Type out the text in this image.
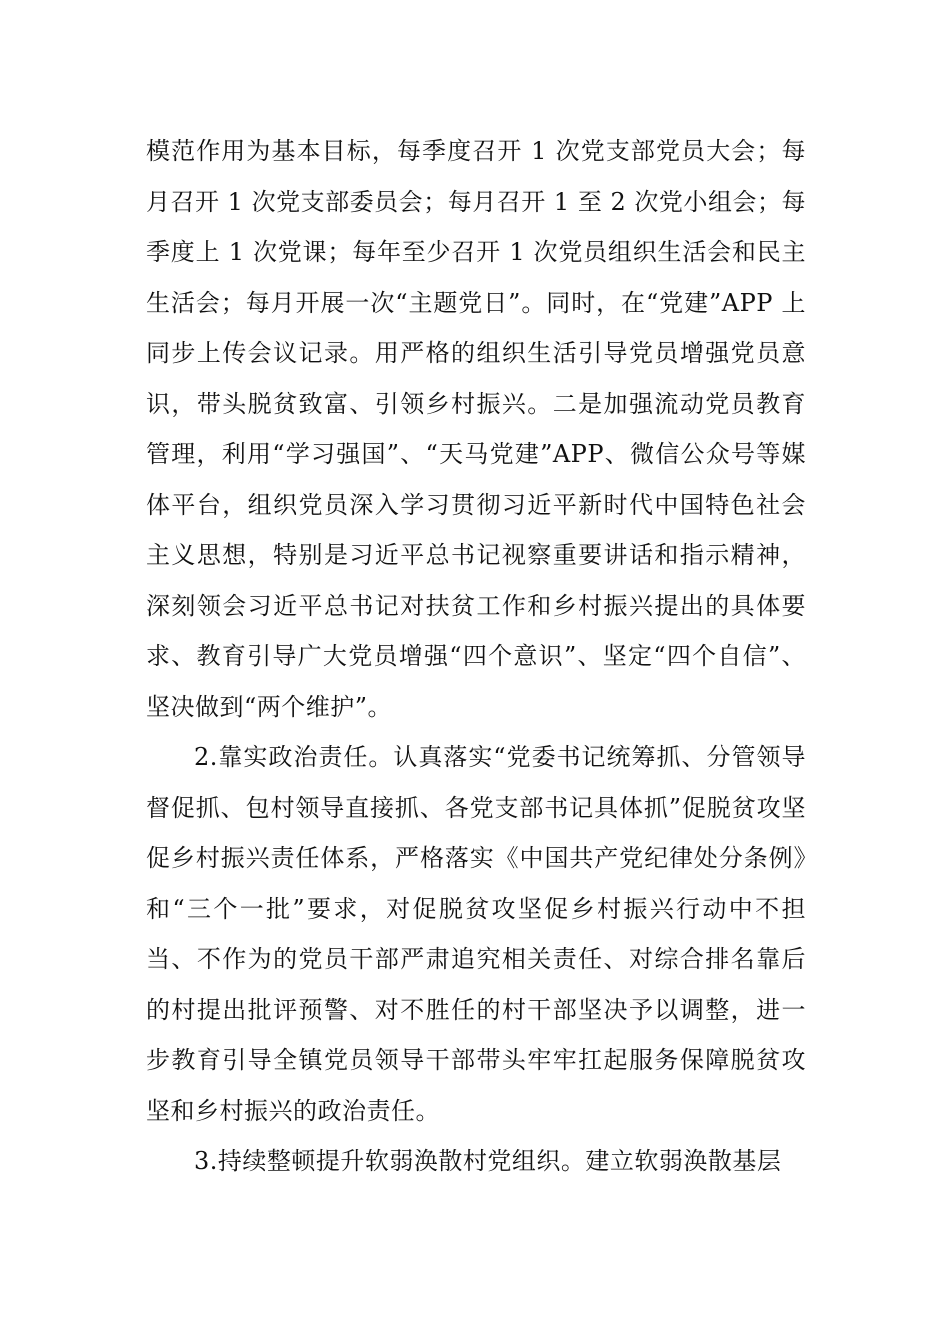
模范作用为基本目标，每季度召开 1 次党支部党员大会；每月召开 1 次党支部委员会；每月召开 1 至 2 次党小组会；每季度上 1 次党课；每年至少召开 1 次党员组织生活会和民主生活会；每月开展一次“主题党日”。同时，在“党建”APP 上同步上传会议记录。用严格的组织生活引导党员增强党员意识，带头脱贫致富、引领乡村振兴。二是加强流动党员教育管理，利用“学习强国”、“天马党建”APP、微信公众号等媒体平台，组织党员深入学习贯彻习近平新时代中国特色社会主义思想，特别是习近平总书记视察重要讲话和指示精神，深刻领会习近平总书记对扶贫工作和乡村振兴提出的具体要求、教育引导广大党员增强“四个意识”、坚定“四个自信”、坚决做到“两个维护”。

2.靠实政治责任。认真落实“党委书记统筹抓、分管领导督促抓、包村领导直接抓、各党支部书记具体抓”促脱贫攻坚促乡村振兴责任体系，严格落实《中国共产党纪律处分条例》和“三个一批”要求，对促脱贫攻坚促乡村振兴行动中不担当、不作为的党员干部严肃追究相关责任、对综合排名靠后的村提出批评预警、对不胜任的村干部坚决予以调整，进一步教育引导全镇党员领导干部带头牢牢扛起服务保障脱贫攻坚和乡村振兴的政治责任。

3.持续整顿提升软弱涣散村党组织。建立软弱涣散基层
